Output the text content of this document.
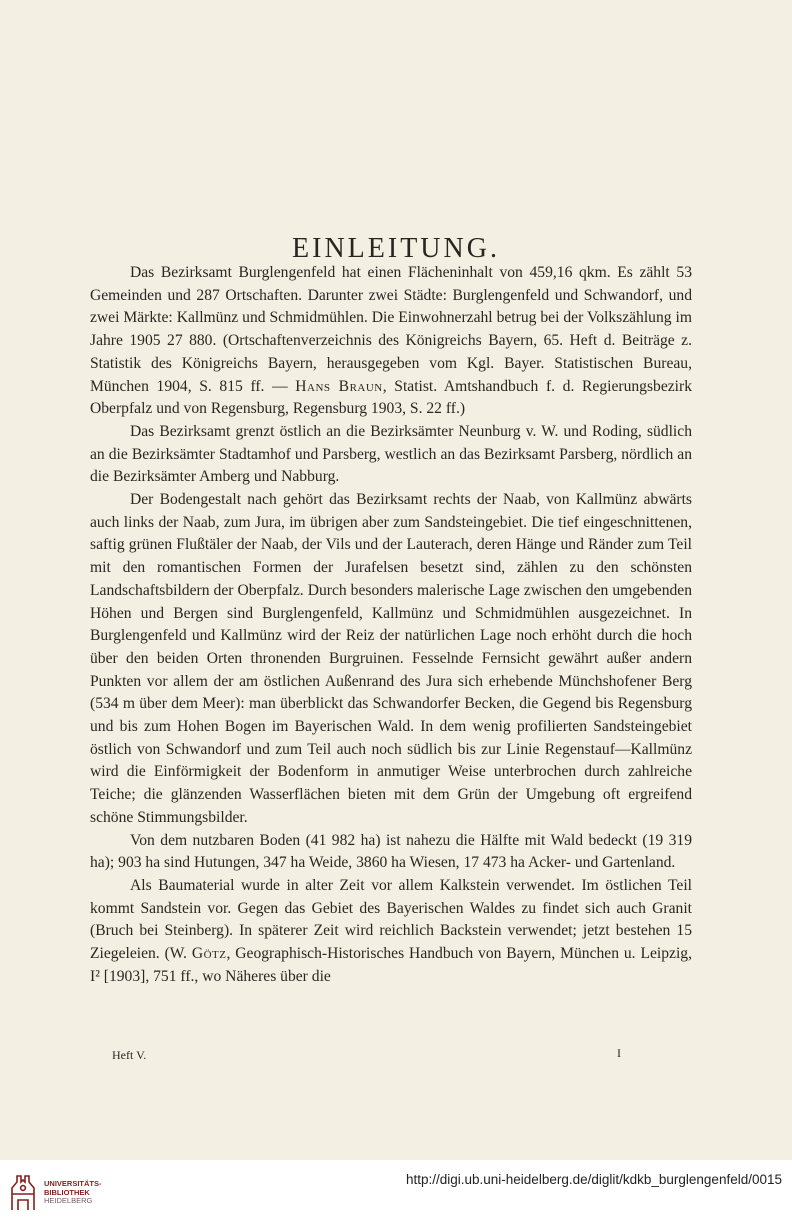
EINLEITUNG.

Das Bezirksamt Burglengenfeld hat einen Flächeninhalt von 459,16 qkm. Es zählt 53 Gemeinden und 287 Ortschaften. Darunter zwei Städte: Burglengenfeld und Schwandorf, und zwei Märkte: Kallmünz und Schmidmühlen. Die Einwohnerzahl betrug bei der Volkszählung im Jahre 1905 27 880. (Ortschaftenverzeichnis des Königreichs Bayern, 65. Heft d. Beiträge z. Statistik des Königreichs Bayern, herausgegeben vom Kgl. Bayer. Statistischen Bureau, München 1904, S. 815 ff. — Hans Braun, Statist. Amtshandbuch f. d. Regierungsbezirk Oberpfalz und von Regensburg, Regensburg 1903, S. 22 ff.)

Das Bezirksamt grenzt östlich an die Bezirksämter Neunburg v. W. und Roding, südlich an die Bezirksämter Stadtamhof und Parsberg, westlich an das Bezirksamt Parsberg, nördlich an die Bezirksämter Amberg und Nabburg.

Der Bodengestalt nach gehört das Bezirksamt rechts der Naab, von Kallmünz abwärts auch links der Naab, zum Jura, im übrigen aber zum Sandsteingebiet. Die tief eingeschnittenen, saftig grünen Flußtäler der Naab, der Vils und der Lauterach, deren Hänge und Ränder zum Teil mit den romantischen Formen der Jurafelsen besetzt sind, zählen zu den schönsten Landschaftsbildern der Oberpfalz. Durch besonders malerische Lage zwischen den umgebenden Höhen und Bergen sind Burglengenfeld, Kallmünz und Schmidmühlen ausgezeichnet. In Burglengenfeld und Kallmünz wird der Reiz der natürlichen Lage noch erhöht durch die hoch über den beiden Orten thronenden Burgruinen. Fesselnde Fernsicht gewährt außer andern Punkten vor allem der am östlichen Außenrand des Jura sich erhebende Münchshofener Berg (534 m über dem Meer): man überblickt das Schwandorfer Becken, die Gegend bis Regensburg und bis zum Hohen Bogen im Bayerischen Wald. In dem wenig profilierten Sandsteingebiet östlich von Schwandorf und zum Teil auch noch südlich bis zur Linie Regenstauf—Kallmünz wird die Einförmigkeit der Bodenform in anmutiger Weise unterbrochen durch zahlreiche Teiche; die glänzenden Wasserflächen bieten mit dem Grün der Umgebung oft ergreifend schöne Stimmungsbilder.

Von dem nutzbaren Boden (41 982 ha) ist nahezu die Hälfte mit Wald bedeckt (19 319 ha); 903 ha sind Hutungen, 347 ha Weide, 3860 ha Wiesen, 17 473 ha Acker- und Gartenland.

Als Baumaterial wurde in alter Zeit vor allem Kalkstein verwendet. Im östlichen Teil kommt Sandstein vor. Gegen das Gebiet des Bayerischen Waldes zu findet sich auch Granit (Bruch bei Steinberg). In späterer Zeit wird reichlich Backstein verwendet; jetzt bestehen 15 Ziegeleien. (W. Götz, Geographisch-Historisches Handbuch von Bayern, München u. Leipzig, I² [1903], 751 ff., wo Näheres über die

Heft V.	I
UNIVERSITÄTS-
BIBLIOTHEK
HEIDELBERG
http://digi.ub.uni-heidelberg.de/diglit/kdkb_burglengenfeld/0015
